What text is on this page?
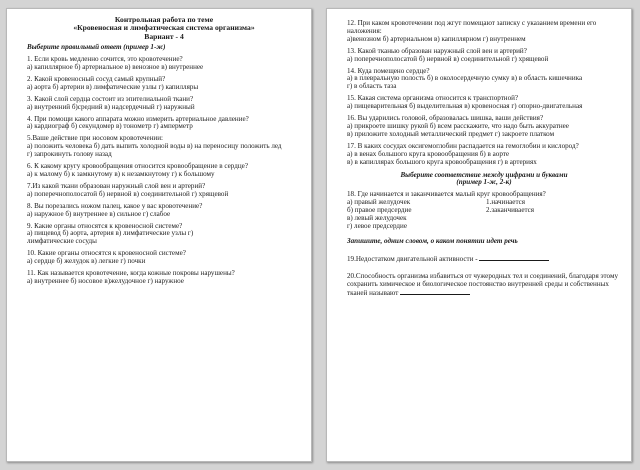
Контрольная работа по теме
«Кровеносная и лимфатическая система организма»
Вариант - 4
Выберите правильный ответ (пример 1-ж)
1. Если кровь медленно сочится, это кровотечение?
а) капиллярное б) артериальное в) венозное в) внутреннее
2. Какой кровеносный сосуд самый крупный?
а) аорта б) артерии в) лимфатические узлы г) капилляры
3. Какой слой сердца состоит из эпителиальной ткани?
а) внутренний б)средний в) надсердечный г) наружный
4. При помощи какого аппарата можно измерить артериальное давление?
а) кардиограф б) секундомер в) тонометр г) амперметр
5.Ваше действие при носовом кровотечении:
а) положить человека б) дать выпить холодной воды в) на переносицу положить лед
г) запрокинуть голову назад
6. К какому кругу кровообращения относится кровообращение в сердце?
а) к малому б) к замкнутому в) к незамкнутому г) к большому
7.Из какой ткани образован наружный слой вен и артерий?
а) поперечнополосатой б) нервной в) соединительной г) хрящевой
8. Вы порезались ножом палец, какое у вас кровотечение?
а) наружное б) внутреннее в) сильное г) слабое
9. Какие органы относятся к кровеносной системе?
а) пищевод б) аорта, артерия в) лимфатические узлы г)
лимфатические сосуды
10. Какие органы относятся к кровеносной системе?
а) сердце б) желудок в) легкие г) почки
11. Как называется кровотечение, когда кожные покровы нарушены?
а) внутреннее б) носовое в)желудочное г) наружное
12. При каком кровотечении под жгут помещают записку с указанием времени его наложения:
а)венозном б) артериальном в) капиллярном г) внутреннем
13. Какой тканью образован наружный слой вен и артерий?
а) поперечнополосатой б) нервной в) соединительной г) хрящевой
14. Куда помещено сердце?
а) в плевральную полость б) в околосердечную сумку в) в область кишечника
г) в область таза
15. Какая система организма относится к транспортной?
а) пищеварительная б) выделительная в) кровеносная г) опорно-двигательная
16. Вы ударились головой, образовалась шишка, ваши действия?
а) прикроете шишку рукой б) всем расскажите, что надо быть аккуратнее
в) приложите холодный металлический предмет г) закроете платком
17. В каких сосудах оксигемоглобин распадается на гемоглобин и кислород?
а) в венах большого круга кровообращения б) в аорте
в) в капиллярах большого круга кровообращения г) в артериях
Выберите соответствие между цифрами и буквами
(пример 1-ж, 2-к)
18. Где начинается и заканчивается малый круг кровообращения?
а) правый желудочек	1.начинается
б) правое предсердие	2.заканчивается
в) левый желудочек
г) левое предсердие
Запишите, одним словом, о каком понятии идет речь
19.Недостатком двигательной активности -
20.Способность организма избавиться от чужеродных тел и соединений, благодаря этому сохранить химическое и биологическое постоянство внутренней среды и собственных тканей называют
